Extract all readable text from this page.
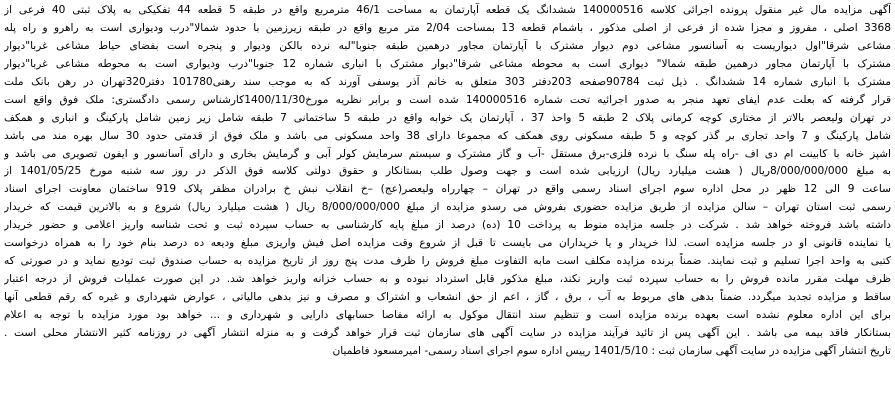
آگهی مزایده مال غیر منقول پرونده اجرائی کلاسه 140000516 ششدانگ یک قطعه آپارتمان به مساحت 46/1 مترمربع واقع در طبقه 5 قطعه 44 تفکیکی به پلاک ثبتی 40 فرعی از
3368 اصلی ، مفروز و مجزا شده از فرعی از اصلی مذکور ، باشمام قطعه 13 بمساحت 2/04 متر مربع واقع در طبقه زیرزمین با حدود شمالا"درب ودیواری است به راهرو و راه پله
مشاعی شرقا"اول دیواریست به آسانسور مشاعی دوم دیوار مشترک با آپارتمان مجاور درهمین طبقه جنوبا"لبه نرده بالکن ودیوار و پنجره است بفضای حیاط مشاعی غربا"دیوار
مشترک با آپارتمان مجاور درهمین طبقه شمالا" دیواری است به محوطه مشاعی شرقا"دیوار مشترک با انباری شماره 12 جنوبا"درب ودیواری است به محوطه مشاعی غربا"دیوار
مشترک با انباری شماره 14 ششدانگ . ذیل ثبت 90784صفحه 203دفتر 303 متعلق به خانم آذر یوسفی آورند که به موجب سند رهنی101780 دفتر320تهران در رهن بانک ملت
قرار گرفته که بعلت عدم ایفای تعهد منجر به صدور اجرائیه تحت شماره 140000516 شده است و برابر نظریه مورخ1400/11/30کارشناس رسمی دادگستری: ملک فوق واقع است
در تهران ولیعصر بالاتر از مختاری کوچه کرمانی پلاک 2 طبقه 5 واحد 37 ، آپارتمان یک خوابه واقع در طبقه 5 ساختمانی 7 طبقه شامل زیر زمین شامل پارکینگ و انباری و همکف
شامل پارکینگ و 7 واحد تجاری بر گذر کوچه و 5 طبقه مسکونی روی همکف که مجموعا دارای 38 واحد مسکونی می باشد و ملک فوق از قدمتی حدود 30 سال بهره مند می باشد
اشپز خانه با کابینت ام دی اف -راه پله سنگ با نرده فلزی-برق مستقل -آب و گاز مشترک و سیستم سرمایش کولر آبی و گرمایش بخاری و دارای آسانسور و ایفون تصویری می باشد و
به مبلغ 8/000/000/000ریال ( هشت میلیارد ریال) ارزیابی شده است و جهت وصول طلب بستانکار و حقوق دولتی کلاسه فوق الذکر در روز سه شنبه مورخ 1401/05/25 از
ساعت 9 الی 12 ظهر در محل اداره سوم اجرای اسناد رسمی واقع در تهران – چهارراه ولیعصر(عج) –خ انقلاب نبش خ برادران مظفر پلاک 919 ساختمان معاونت اجرای اسناد
رسمی ثبت استان تهران – سالن مزایده از طریق مزایده حضوری بفروش می رسدو مزایده از مبلغ 8/000/000/000 ریال ( هشت میلیارد ریال) شروع و به بالاترین قیمت که خریدار
داشته باشد فروخته خواهد شد . شرکت در جلسه مزایده منوط به پرداخت 10 (ده) درصد از مبلغ پایه کارشناسی به حساب سپرده ثبت و تحت شناسه واریز اعلامی و حضور خریدار
یا نماینده قانونی او در جلسه مزایده است. لذا خریدار و یا خریداران می بایست تا قبل از شروع وقت مزایده اصل فیش واریزی مبلغ ودیعه ده درصد بنام خود را به همراه درخواست
کتبی به واحد اجرا تسلیم و ثبت نمایند. ضمناً برنده مزایده مکلف است مابه التفاوت مبلغ فروش را ظرف مدت پنج روز از تاریخ مزایده به حساب صندوق ثبت تودیع نماید و در صورتی که
ظرف مهلت مقرر مانده فروش را به حساب سپرده ثبت واریز نکند، مبلغ مذکور قابل استرداد نبوده و به حساب خزانه واریز خواهد شد. در این صورت عملیات فروش از درجه اعتبار
ساقط و مزایده تجدید میگردد. ضمناً بدهی های مربوط به آب ، برق ، گاز ، اعم از حق انشعاب و اشتراک و مصرف و نیز بدهی مالیاتی ، عوارض شهرداری و غیره که رقم قطعی آنها
برای این اداره معلوم نشده است بعهده برنده مزایده است و تنظیم سند انتقال موکول به ارائه مفاصا حسابهای دارایی و شهرداری و ... خواهد بود مورد مزایده با توجه به اعلام
بستانکار فاقد بیمه می باشد . این آگهی پس از تائید فرآیند مزایده در سایت آگهی های سازمان ثبت قرار خواهد گرفت و به منزله انتشار آگهی در روزنامه کثیر الانتشار محلی است .
تاریخ انتشار آگهی مزایده در سایت آگهی سازمان ثبت : 1401/5/10 رییس اداره سوم اجرای اسناد رسمی- امیرمسعود فاطمیان
